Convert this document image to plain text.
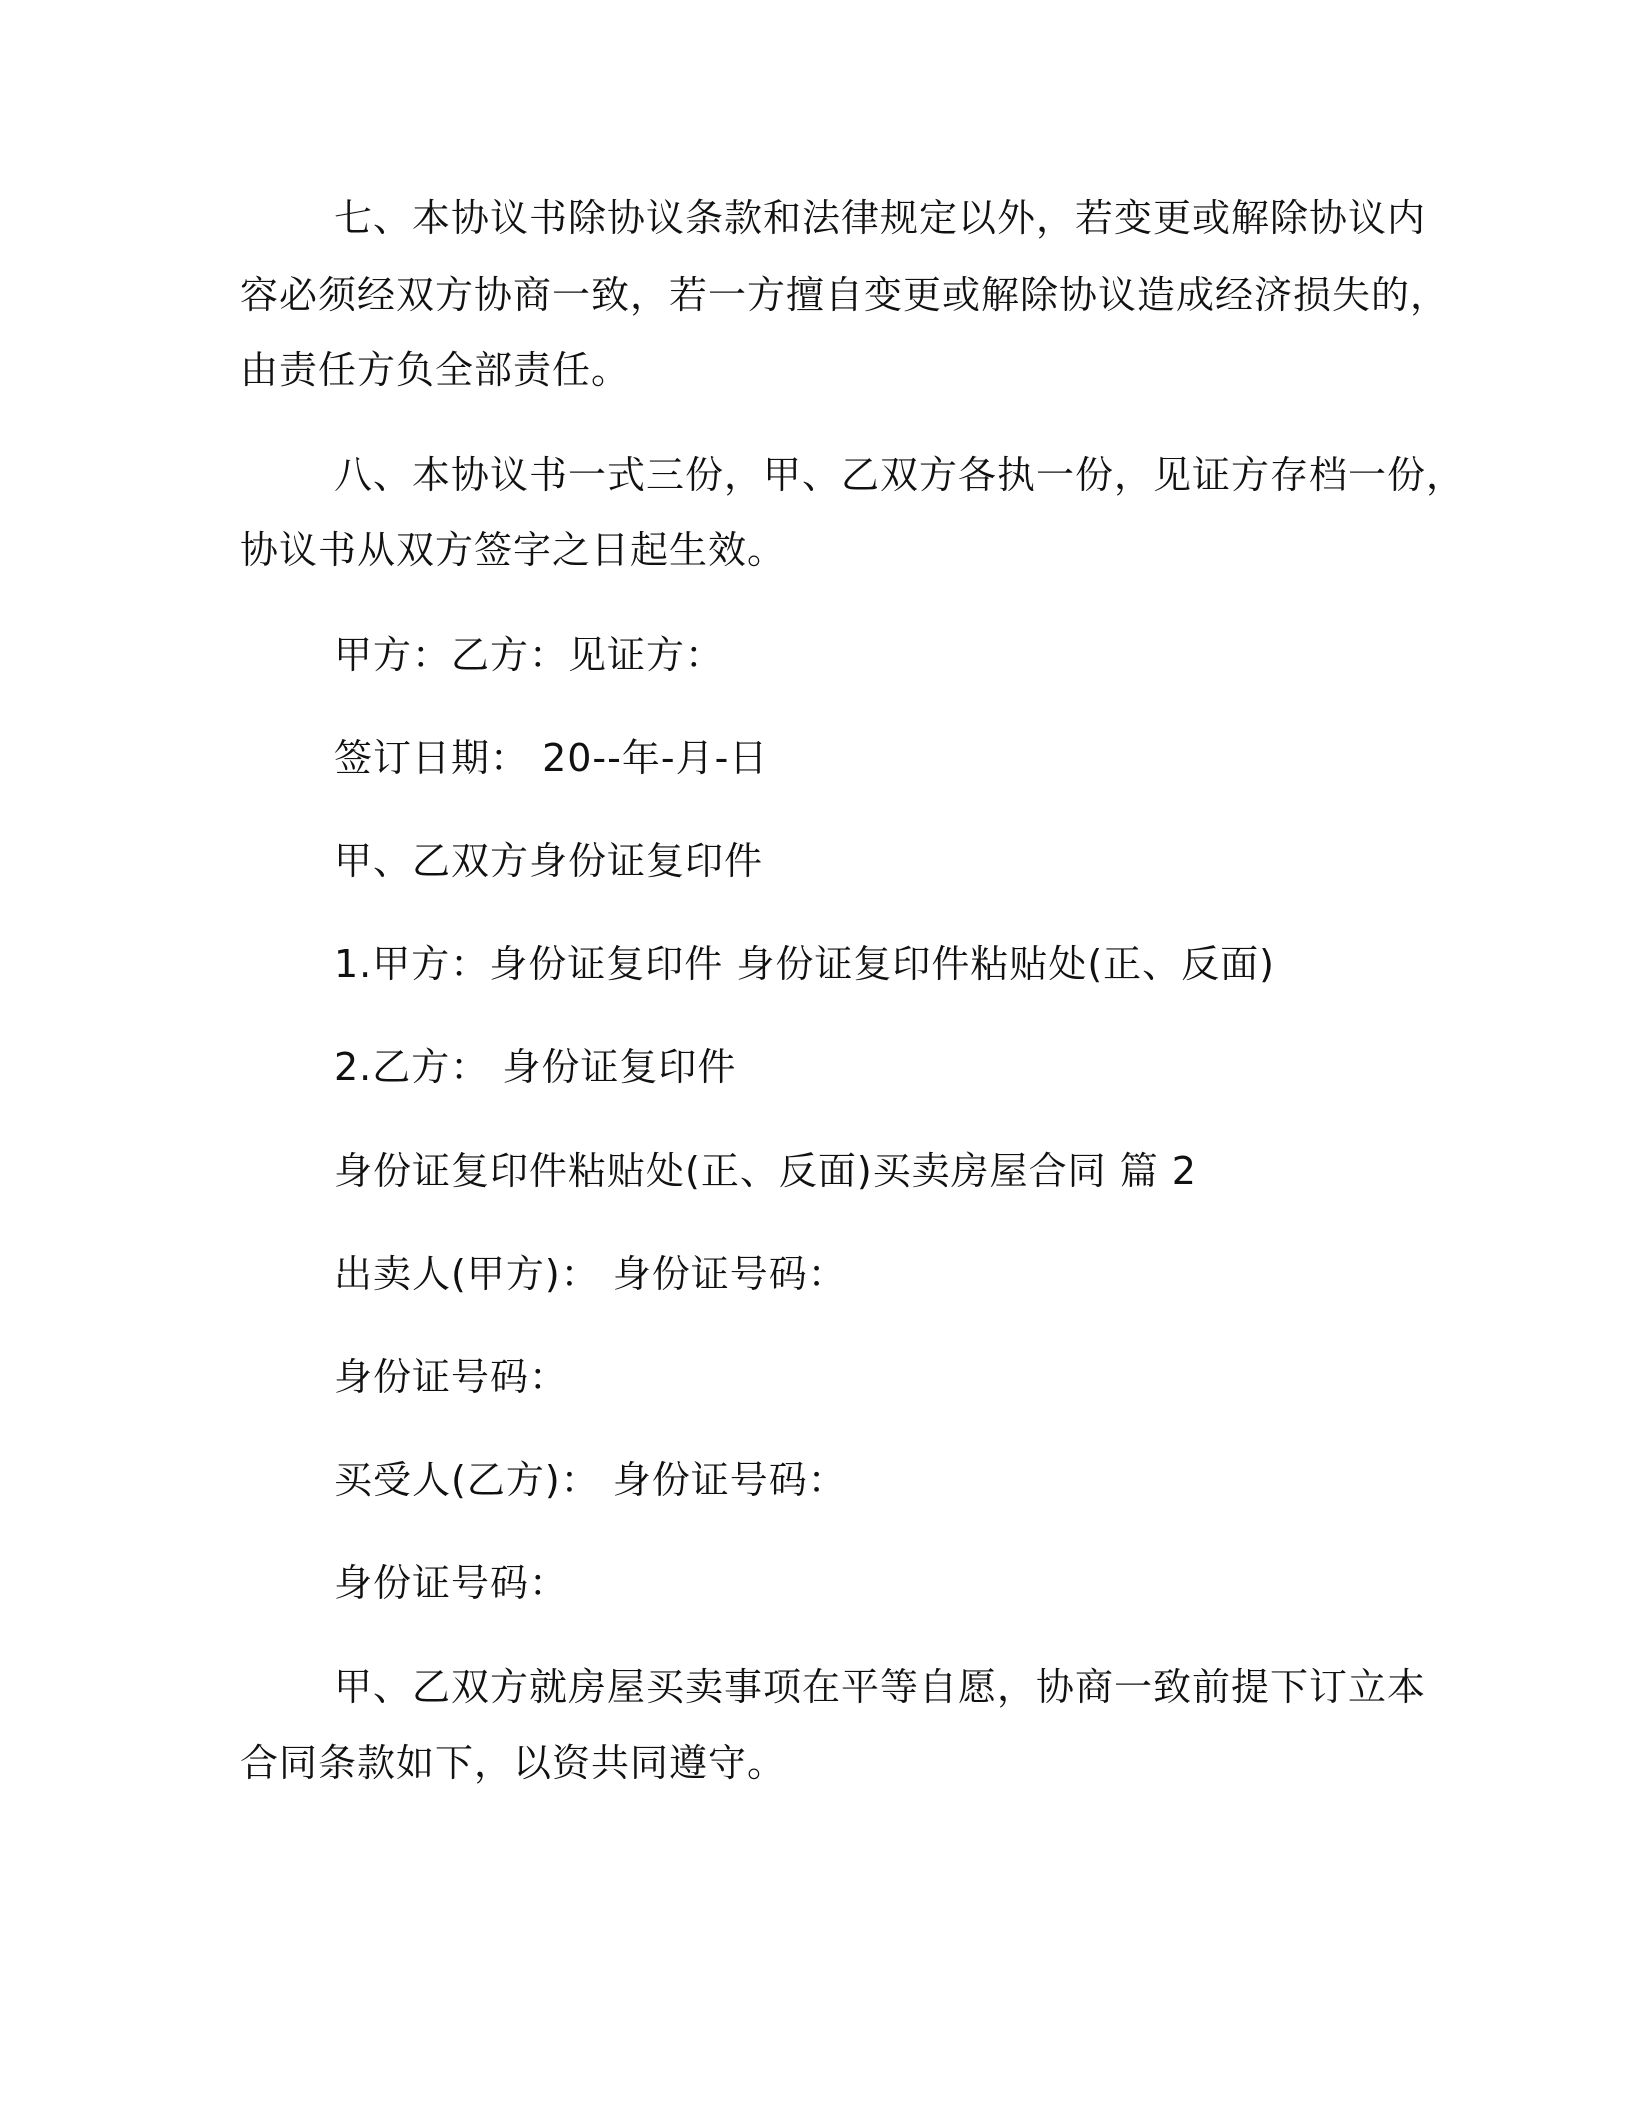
七、本协议书除协议条款和法律规定以外，若变更或解除协议内
容必须经双方协商一致，若一方擅自变更或解除协议造成经济损失的，
由责任方负全部责任。
八、本协议书一式三份，甲、乙双方各执一份，见证方存档一份，
协议书从双方签字之日起生效。
甲方：乙方：见证方：
签订日期： 20--年-月-日
甲、乙双方身份证复印件
1.甲方：身份证复印件 身份证复印件粘贴处(正、反面)
2.乙方： 身份证复印件
身份证复印件粘贴处(正、反面)买卖房屋合同 篇 2
出卖人(甲方)： 身份证号码：
身份证号码：
买受人(乙方)： 身份证号码：
身份证号码：
甲、乙双方就房屋买卖事项在平等自愿，协商一致前提下订立本
合同条款如下，以资共同遵守。
